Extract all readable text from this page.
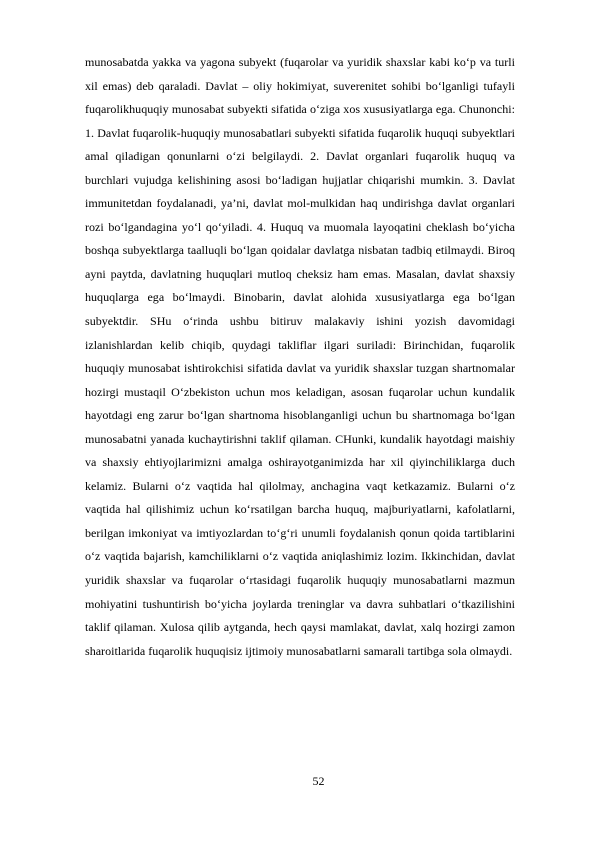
munosabatda yakka va yagona subyekt (fuqarolar va yuridik shaxslar kabi ko‘p va turli xil emas) deb qaraladi. Davlat – oliy hokimiyat, suverenitet sohibi bo‘lganligi tufayli fuqarolikhuquqiy munosabat subyekti sifatida o‘ziga xos xususiyatlarga ega. Chunonchi: 1. Davlat fuqarolik-huquqiy munosabatlari subyekti sifatida fuqarolik huquqi subyektlari amal qiladigan qonunlarni o‘zi belgilaydi. 2. Davlat organlari fuqarolik huquq va burchlari vujudga kelishining asosi bo‘ladigan hujjatlar chiqarishi mumkin. 3. Davlat immunitetdan foydalanadi, ya’ni, davlat mol-mulkidan haq undirishga davlat organlari rozi bo‘lgandagina yo‘l qo‘yiladi. 4. Huquq va muomala layoqatini cheklash bo‘yicha boshqa subyektlarga taalluqli bo‘lgan qoidalar davlatga nisbatan tadbiq etilmaydi. Biroq ayni paytda, davlatning huquqlari mutloq cheksiz ham emas. Masalan, davlat shaxsiy huquqlarga ega bo‘lmaydi. Binobarin, davlat alohida xususiyatlarga ega bo‘lgan subyektdir. SHu o‘rinda ushbu bitiruv malakaviy ishini yozish davomidagi izlanishlardan kelib chiqib, quydagi takliflar ilgari suriladi: Birinchidan, fuqarolik huquqiy munosabat ishtirokchisi sifatida davlat va yuridik shaxslar tuzgan shartnomalar hozirgi mustaqil O‘zbekiston uchun mos keladigan, asosan fuqarolar uchun kundalik hayotdagi eng zarur bo‘lgan shartnoma hisoblanganligi uchun bu shartnomaga bo‘lgan munosabatni yanada kuchaytirishni taklif qilaman. CHunki, kundalik hayotdagi maishiy va shaxsiy ehtiyojlarimizni amalga oshirayotganimizda har xil qiyinchiliklarga duch kelamiz. Bularni o‘z vaqtida hal qilolmay, anchagina vaqt ketkazamiz. Bularni o‘z vaqtida hal qilishimiz uchun ko‘rsatilgan barcha huquq, majburiyatlarni, kafolatlarni, berilgan imkoniyat va imtiyozlardan to‘g‘ri unumli foydalanish qonun qoida tartiblarini o‘z vaqtida bajarish, kamchiliklarni o‘z vaqtida aniqlashimiz lozim. Ikkinchidan, davlat yuridik shaxslar va fuqarolar o‘rtasidagi fuqarolik huquqiy munosabatlarni mazmun mohiyatini tushuntirish bo‘yicha joylarda treninglar va davra suhbatlari o‘tkazilishini taklif qilaman. Xulosa qilib aytganda, hech qaysi mamlakat, davlat, xalq hozirgi zamon sharoitlarida fuqarolik huquqisiz ijtimoiy munosabatlarni samarali tartibga sola olmaydi.

52
